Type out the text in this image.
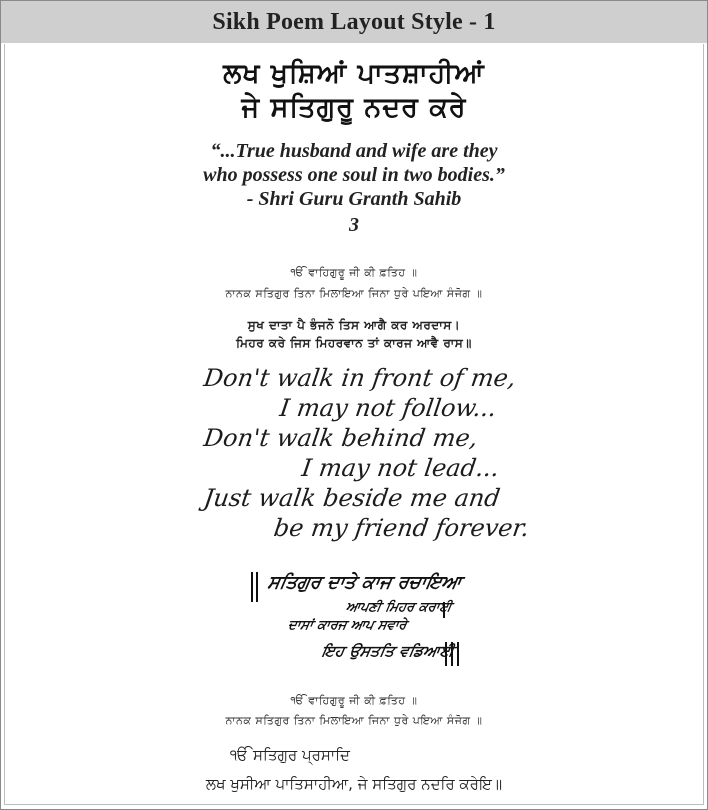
Sikh Poem Layout Style - 1
ਲਖ ਖੁਸ਼ਿਆਂ ਪਾਤਸ਼ਾਹੀਆਂ
ਜੇ ਸਤਿਗੁਰੂ ਨਦਰ ਕਰੇ
“...True husband and wife are they
who possess one soul in two bodies.”
- Shri Guru Granth Sahib
3
ੴ ਵਾਹਿਗੁਰੂ ਜੀ ਕੀ ਫ਼ਤਿਹ ॥
ਨਾਨਕ ਸਤਿਗੁਰ ਤਿਨਾ ਮਿਲਾਇਆ ਜਿਨਾ ਧੁਰੇ ਪਇਆ ਸੰਜੋਗ ॥
ਸੁਖ ਦਾਤਾ ਪੈ ਭੰਜਨੋ ਤਿਸ ਆਗੈ ਕਰ ਅਰਦਾਸ।
ਮਿਹਰ ਕਰੇ ਜਿਸ ਮਿਹਰਵਾਨ ਤਾਂ ਕਾਰਜ ਆਵੈ ਰਾਸ॥
Don't walk in front of me,
I may not follow...
Don't walk behind me,
I may not lead...
Just walk beside me and
be my friend forever.
ਸਤਿਗੁਰ ਦਾਤੇ ਕਾਜ ਰਚਾਇਆ
ਆਪਣੀ ਮਿਹਰ ਕਰਾਈ
ਦਾਸਾਂ ਕਾਰਜ ਆਪ ਸਵਾਰੇ
ਇਹ ਉਸਤਤਿ ਵਡਿਆਈ
ੴ ਵਾਹਿਗੁਰੂ ਜੀ ਕੀ ਫ਼ਤਿਹ ॥
ਨਾਨਕ ਸਤਿਗੁਰ ਤਿਨਾ ਮਿਲਾਇਆ ਜਿਨਾ ਧੁਰੇ ਪਇਆ ਸੰਜੋਗ ॥
ੴ ਸਤਿਗੁਰ ਪ੍ਰਸਾਦਿ
ਲਖ ਖੁਸੀਆ ਪਾਤਿਸਾਹੀਆ, ਜੇ ਸਤਿਗੁਰ ਨਦਰਿ ਕਰੇਇ॥
